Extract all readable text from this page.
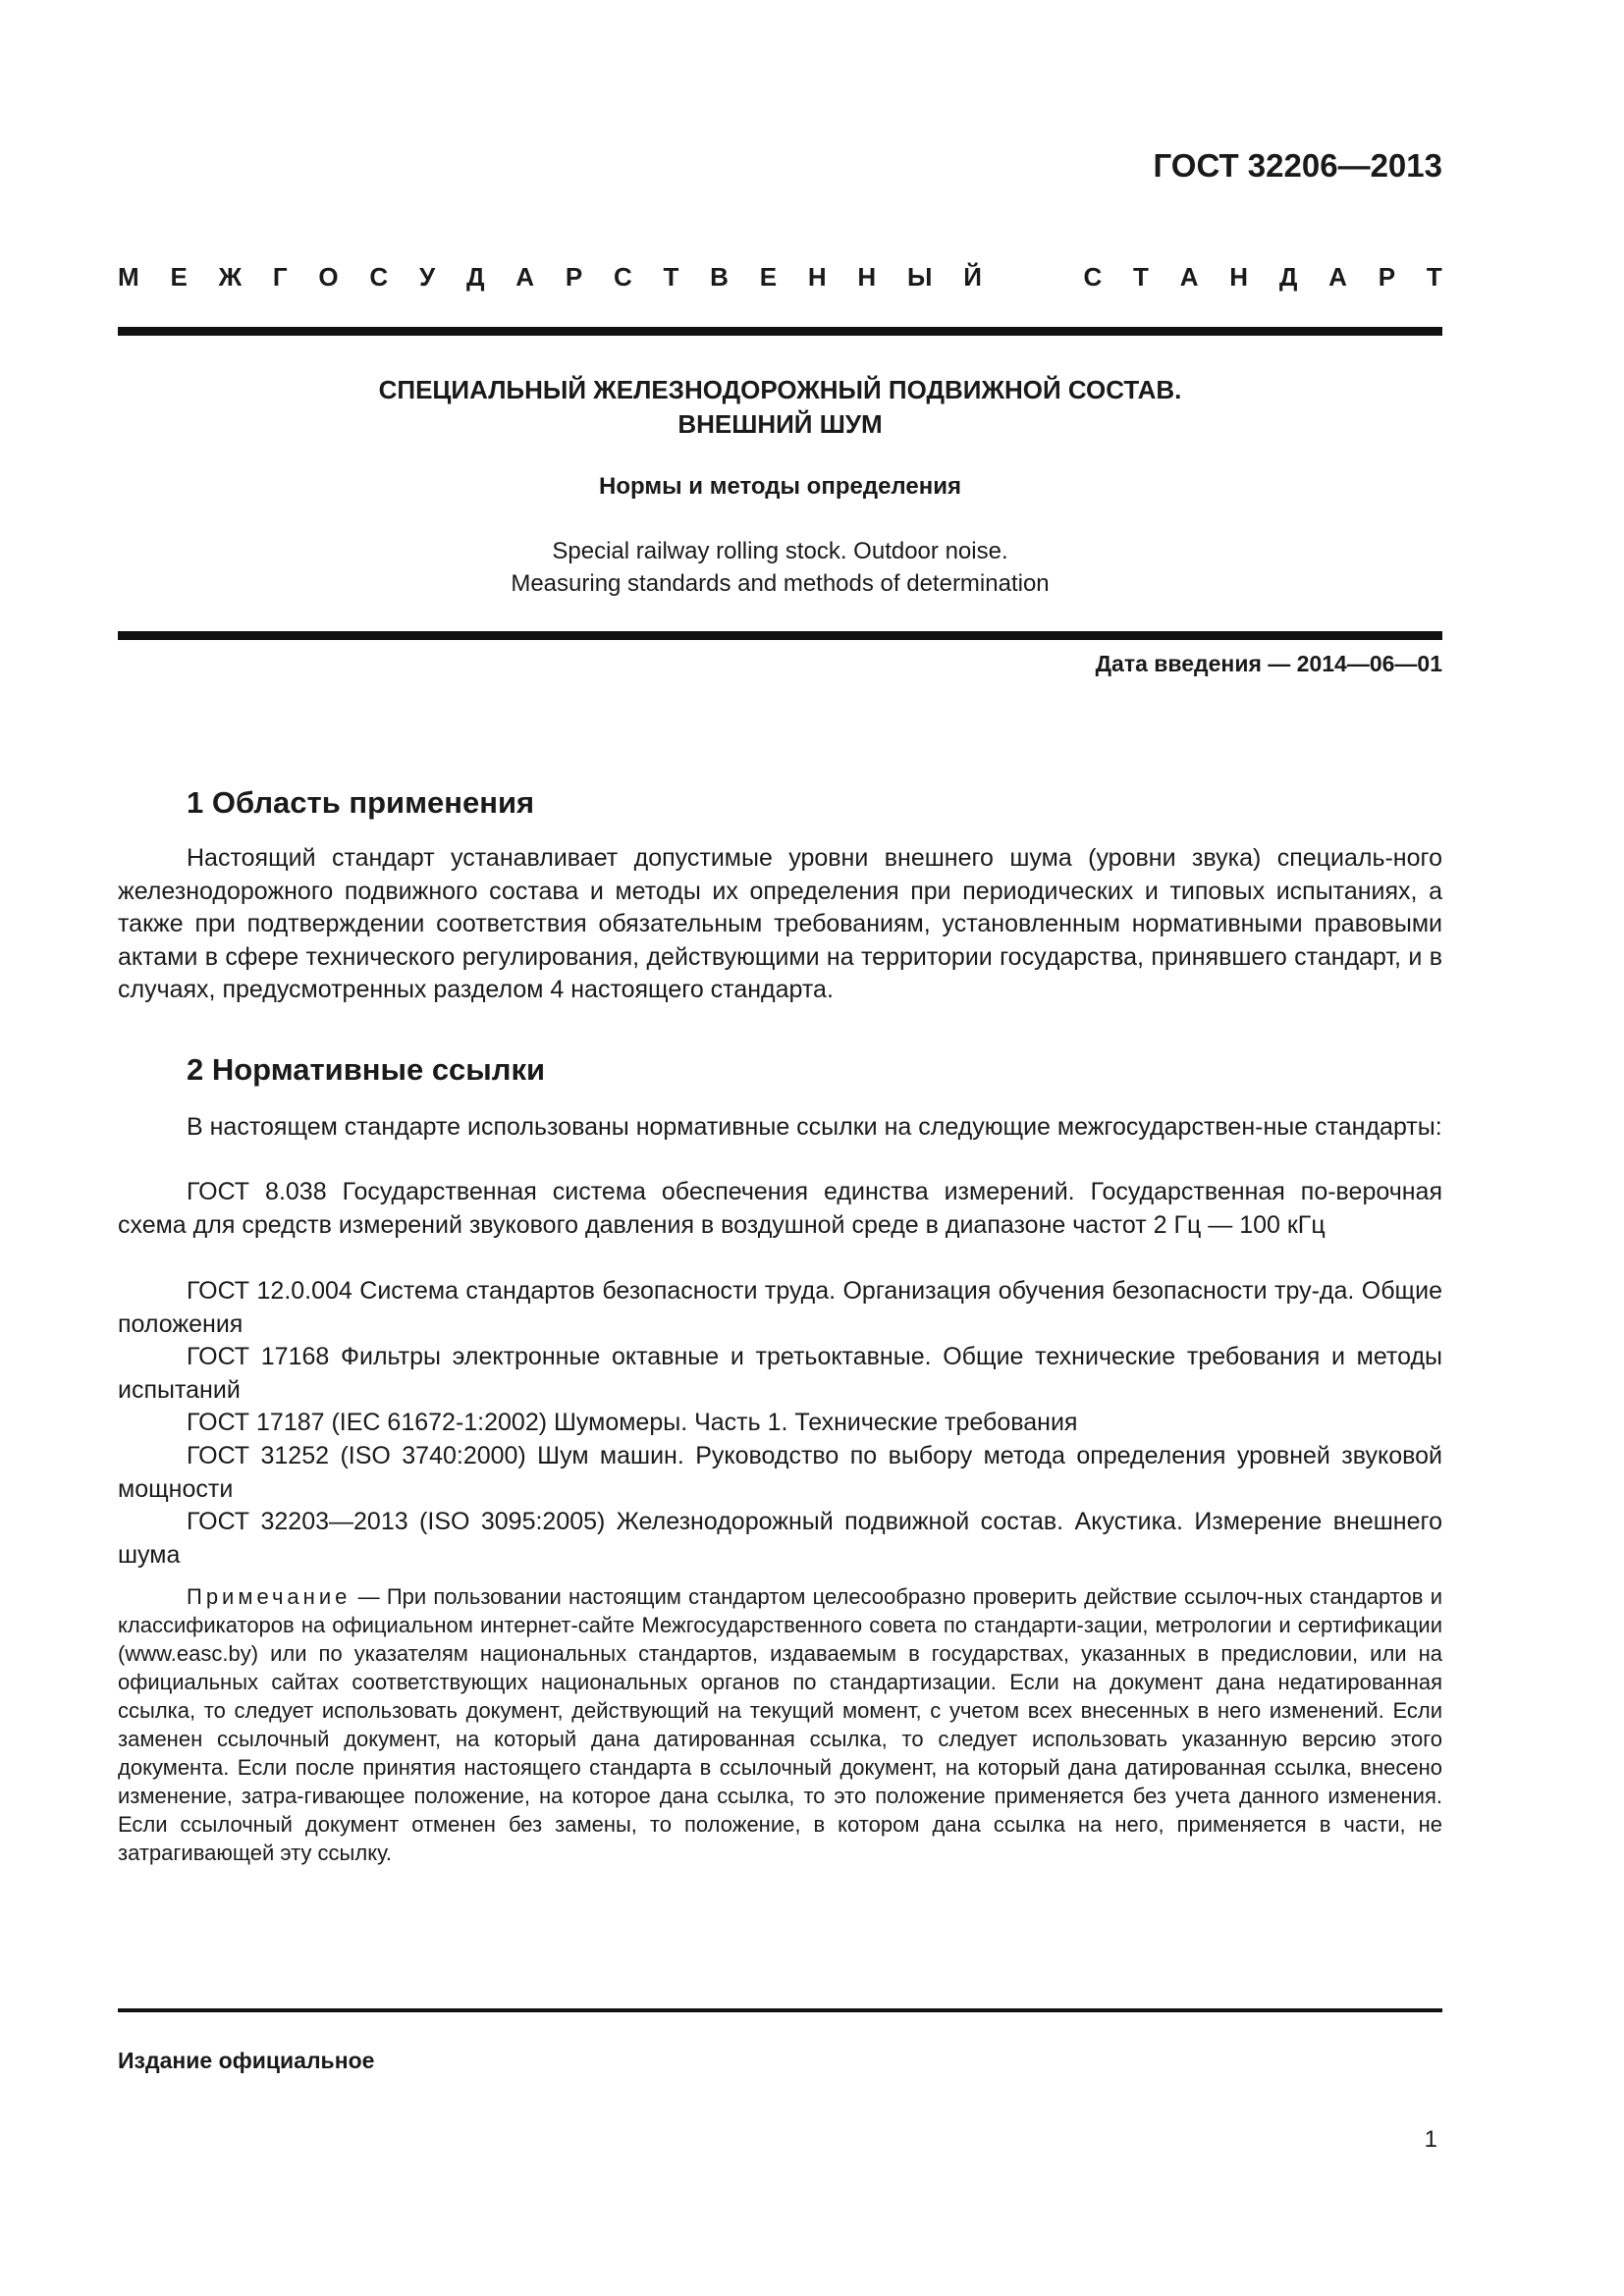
ГОСТ 32206—2013
М Е Ж Г О С У Д А Р С Т В Е Н Н Ы Й	С Т А Н Д А Р Т
СПЕЦИАЛЬНЫЙ ЖЕЛЕЗНОДОРОЖНЫЙ ПОДВИЖНОЙ СОСТАВ.
ВНЕШНИЙ ШУМ
Нормы и методы определения
Special railway rolling stock. Outdoor noise.
Measuring standards and methods of determination
Дата введения — 2014—06—01
1 Область применения
Настоящий стандарт устанавливает допустимые уровни внешнего шума (уровни звука) специаль-ного железнодорожного подвижного состава и методы их определения при периодических и типовых испытаниях, а также при подтверждении соответствия обязательным требованиям, установленным нормативными правовыми актами в сфере технического регулирования, действующими на территории государства, принявшего стандарт, и в случаях, предусмотренных разделом 4 настоящего стандарта.
2 Нормативные ссылки
В настоящем стандарте использованы нормативные ссылки на следующие межгосударствен-ные стандарты:
ГОСТ 8.038 Государственная система обеспечения единства измерений. Государственная по-верочная схема для средств измерений звукового давления в воздушной среде в диапазоне частот 2 Гц — 100 кГц
ГОСТ 12.0.004 Система стандартов безопасности труда. Организация обучения безопасности тру-да. Общие положения
ГОСТ 17168 Фильтры электронные октавные и третьоктавные. Общие технические требования и методы испытаний
ГОСТ 17187 (IEC 61672-1:2002) Шумомеры. Часть 1. Технические требования
ГОСТ 31252 (ISO 3740:2000) Шум машин. Руководство по выбору метода определения уровней звуковой мощности
ГОСТ 32203—2013 (ISO 3095:2005) Железнодорожный подвижной состав. Акустика. Измерение внешнего шума
Примечание — При пользовании настоящим стандартом целесообразно проверить действие ссылоч-ных стандартов и классификаторов на официальном интернет-сайте Межгосударственного совета по стандарти-зации, метрологии и сертификации (www.easc.by) или по указателям национальных стандартов, издаваемым в государствах, указанных в предисловии, или на официальных сайтах соответствующих национальных органов по стандартизации. Если на документ дана недатированная ссылка, то следует использовать документ, действующий на текущий момент, с учетом всех внесенных в него изменений. Если заменен ссылочный документ, на который дана датированная ссылка, то следует использовать указанную версию этого документа. Если после принятия настоящего стандарта в ссылочный документ, на который дана датированная ссылка, внесено изменение, затра-гивающее положение, на которое дана ссылка, то это положение применяется без учета данного изменения. Если ссылочный документ отменен без замены, то положение, в котором дана ссылка на него, применяется в части, не затрагивающей эту ссылку.
Издание официальное
1
